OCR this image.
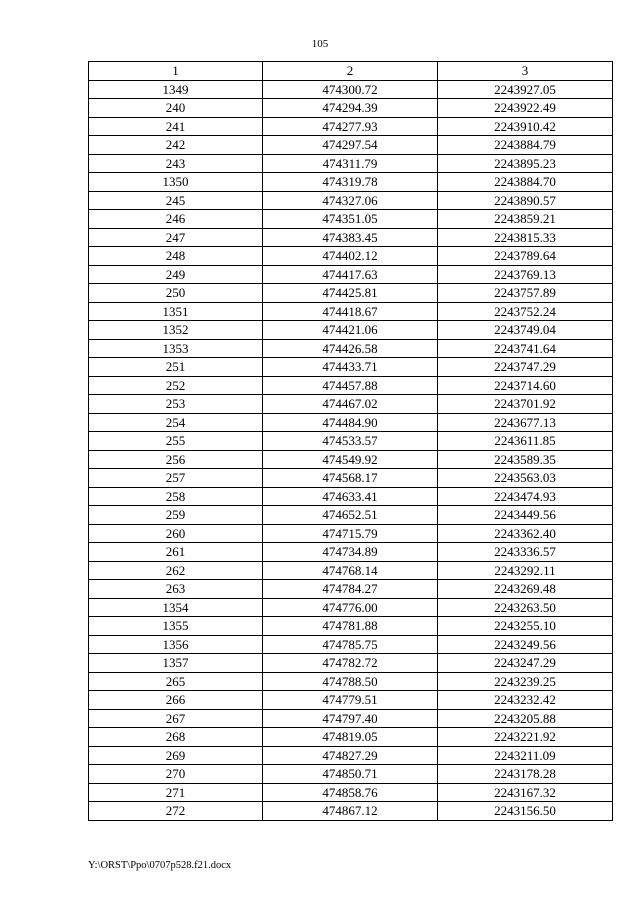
105
1	2	3
1349	474300.72	2243927.05
240	474294.39	2243922.49
241	474277.93	2243910.42
242	474297.54	2243884.79
243	474311.79	2243895.23
1350	474319.78	2243884.70
245	474327.06	2243890.57
246	474351.05	2243859.21
247	474383.45	2243815.33
248	474402.12	2243789.64
249	474417.63	2243769.13
250	474425.81	2243757.89
1351	474418.67	2243752.24
1352	474421.06	2243749.04
1353	474426.58	2243741.64
251	474433.71	2243747.29
252	474457.88	2243714.60
253	474467.02	2243701.92
254	474484.90	2243677.13
255	474533.57	2243611.85
256	474549.92	2243589.35
257	474568.17	2243563.03
258	474633.41	2243474.93
259	474652.51	2243449.56
260	474715.79	2243362.40
261	474734.89	2243336.57
262	474768.14	2243292.11
263	474784.27	2243269.48
1354	474776.00	2243263.50
1355	474781.88	2243255.10
1356	474785.75	2243249.56
1357	474782.72	2243247.29
265	474788.50	2243239.25
266	474779.51	2243232.42
267	474797.40	2243205.88
268	474819.05	2243221.92
269	474827.29	2243211.09
270	474850.71	2243178.28
271	474858.76	2243167.32
272	474867.12	2243156.50
Y:\ORST\Ppo\0707p528.f21.docx
